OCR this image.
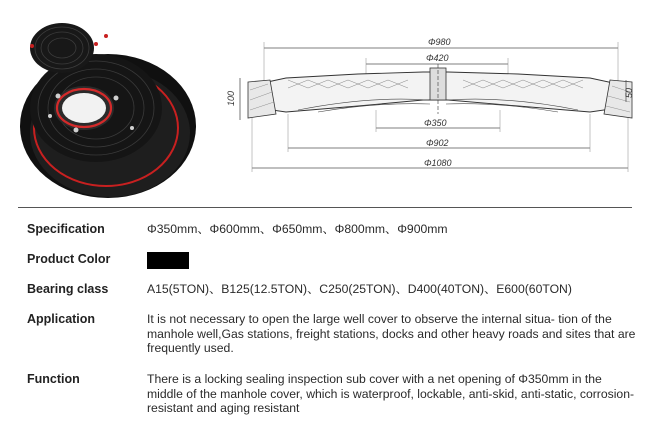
Φ980
Φ420
100	50
Φ350
Φ902
Φ1080
Specification	Φ350mm、Φ600mm、Φ650mm、Φ800mm、Φ900mm
Product Color
Bearing class	A15(5TON)、B125(12.5TON)、C250(25TON)、D400(40TON)、E600(60TON)
Application	It is not necessary to open the large well cover to observe the internal situa- tion of the manhole well,Gas stations, freight stations, docks and other heavy roads and sites that are frequently used.
Function	There is a locking sealing inspection sub cover with a net opening of Φ350mm in the middle of the manhole cover, which is waterproof, lockable, anti-skid, anti-static, corrosion-resistant and aging resistant
